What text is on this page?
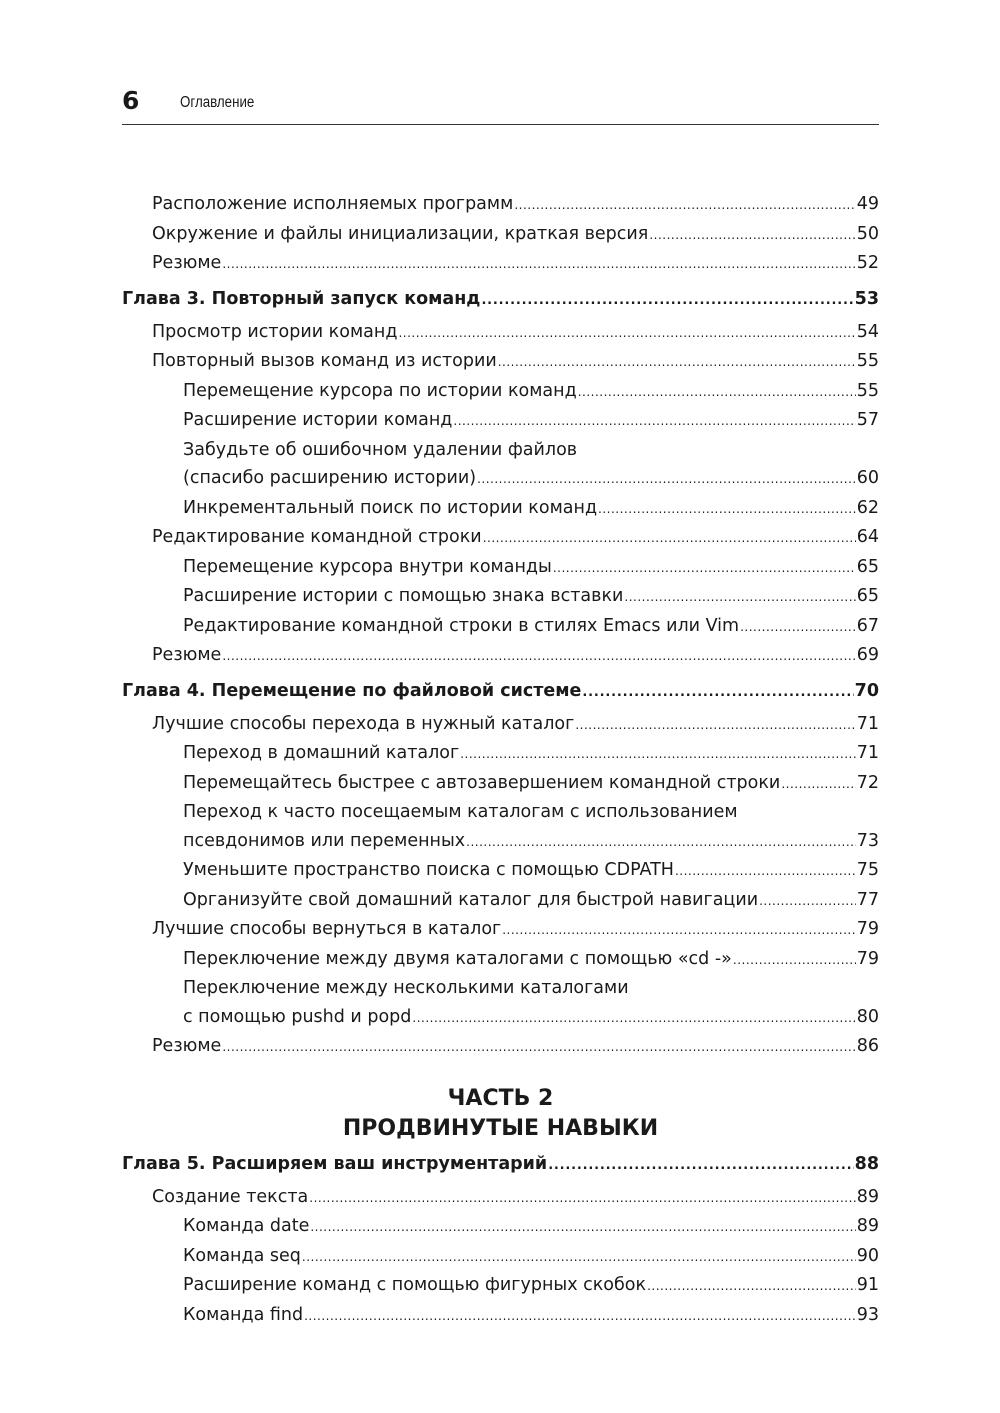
6	Оглавление
Расположение исполняемых программ .....	49
Окружение и файлы инициализации, краткая версия .....	50
Резюме .....	52
Глава 3. Повторный запуск команд .....	53
Просмотр истории команд .....	54
Повторный вызов команд из истории .....	55
Перемещение курсора по истории команд .....	55
Расширение истории команд .....	57
Забудьте об ошибочном удалении файлов
(спасибо расширению истории) .....	60
Инкрементальный поиск по истории команд .....	62
Редактирование командной строки .....	64
Перемещение курсора внутри команды .....	65
Расширение истории с помощью знака вставки .....	65
Редактирование командной строки в стилях Emacs или Vim .....	67
Резюме .....	69
Глава 4. Перемещение по файловой системе .....	70
Лучшие способы перехода в нужный каталог .....	71
Переход в домашний каталог .....	71
Перемещайтесь быстрее с автозавершением командной строки .....	72
Переход к часто посещаемым каталогам с использованием
псевдонимов или переменных .....	73
Уменьшите пространство поиска с помощью CDPATH .....	75
Организуйте свой домашний каталог для быстрой навигации .....	77
Лучшие способы вернуться в каталог .....	79
Переключение между двумя каталогами с помощью «cd -» .....	79
Переключение между несколькими каталогами
с помощью pushd и popd .....	80
Резюме .....	86
ЧАСТЬ 2
ПРОДВИНУТЫЕ НАВЫКИ
Глава 5. Расширяем ваш инструментарий .....	88
Создание текста .....	89
Команда date .....	89
Команда seq .....	90
Расширение команд с помощью фигурных скобок .....	91
Команда find .....	93
